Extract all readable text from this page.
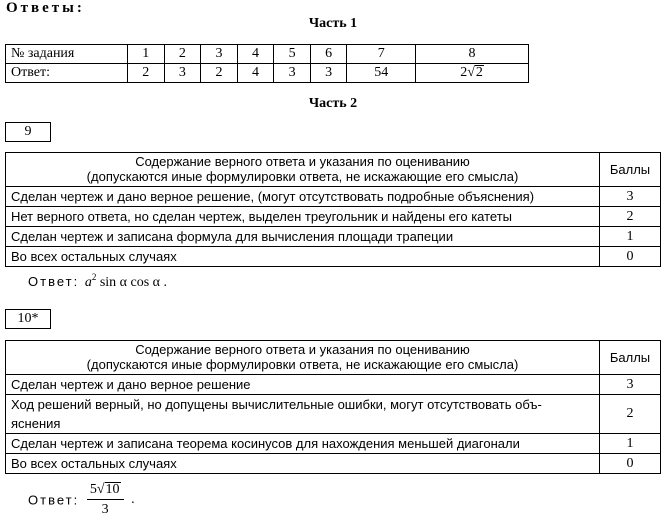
Ответы:
Часть 1
№ задания	1	2	3	4	5	6	7	8
Ответ:	2	3	2	4	3	3	54	2√2
Часть 2
9
Содержание верного ответа и указания по оцениванию
(допускаются иные формулировки ответа, не искажающие его смысла)	Баллы
Сделан чертеж и дано верное решение, (могут отсутствовать подробные объяснения)	3
Нет верного ответа, но сделан чертеж, выделен треугольник и найдены его катеты	2
Сделан чертеж и записана формула для вычисления площади трапеции	1
Во всех остальных случаях	0
Ответ: $a^2$ sin α cos α .
10*
Содержание верного ответа и указания по оцениванию
(допускаются иные формулировки ответа, не искажающие его смысла)	Баллы
Сделан чертеж и дано верное решение	3

Ход решений верный, но допущены вычислительные ошибки, могут отсутствовать объ-
яснения	2
Сделан чертеж и записана теорема косинусов для нахождения меньшей диагонали	1
Во всех остальных случаях	0
Ответ: $\frac{5√10}{3}$ .
